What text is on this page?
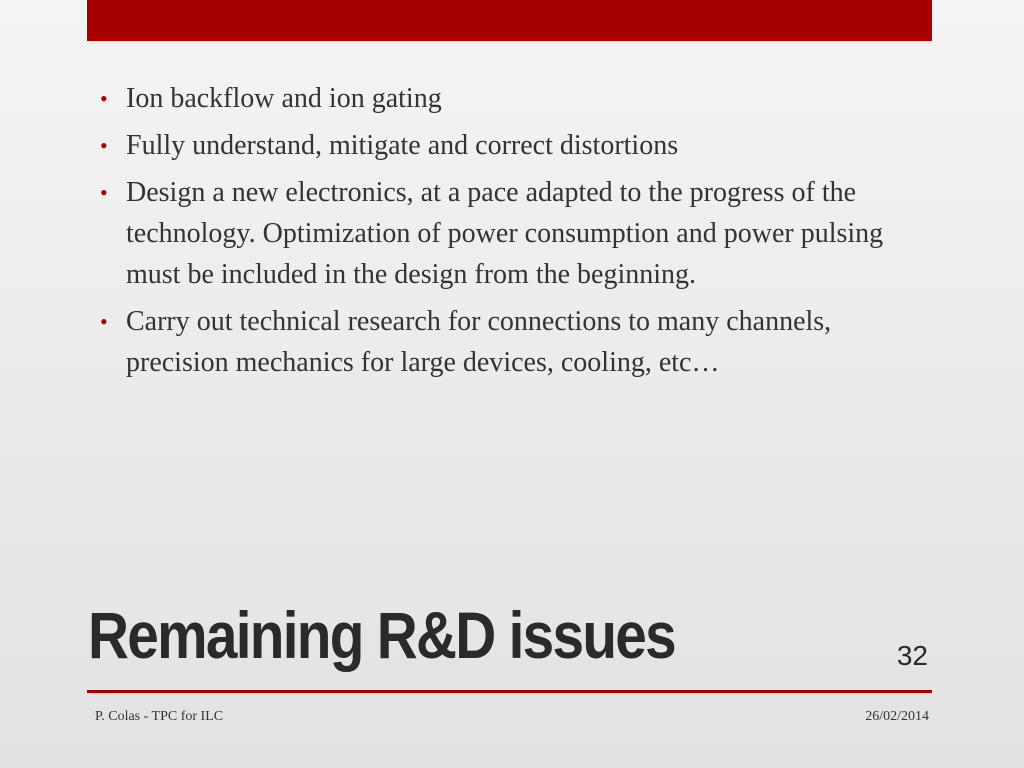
• Ion backflow and ion gating
• Fully understand, mitigate and correct distortions
• Design a new electronics, at a pace adapted to the progress of the technology. Optimization of power consumption and power pulsing must be included in the design from the beginning.
• Carry out technical research for connections to many channels, precision mechanics for large devices, cooling, etc…
Remaining R&D issues	32
P. Colas - TPC for ILC	26/02/2014
